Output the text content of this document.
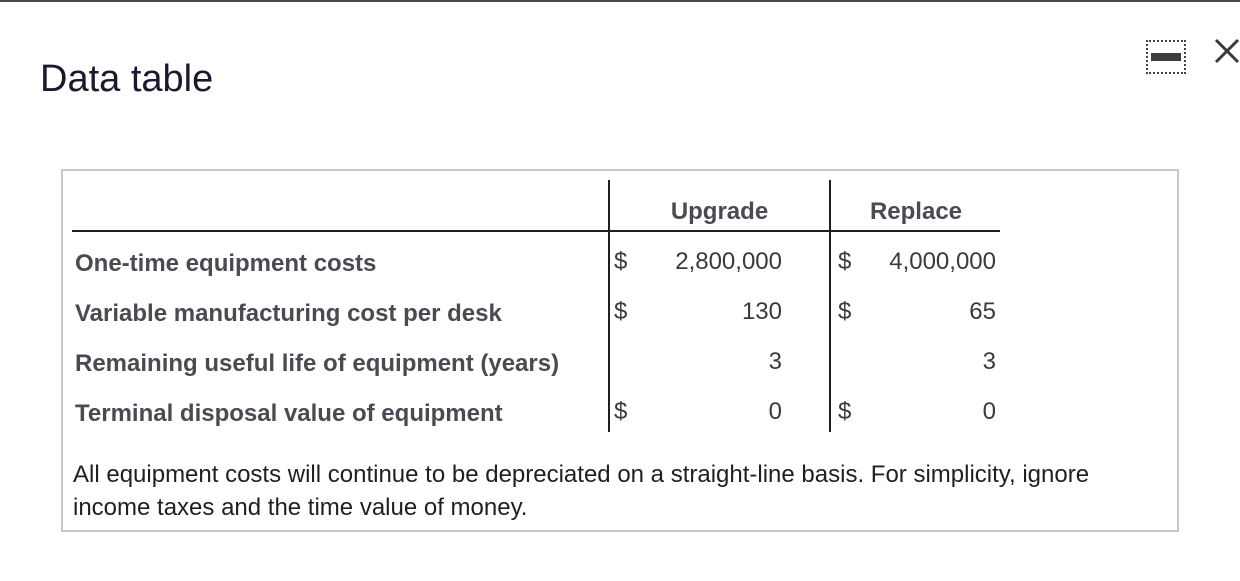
Data table
Upgrade	Replace
One-time equipment costs	$	2,800,000 $	4,000,000
Variable manufacturing cost per desk	$	130 $	65
Remaining useful life of equipment (years)	3	3
Terminal disposal value of equipment	$	0 $	0
All equipment costs will continue to be depreciated on a straight-line basis. For simplicity, ignore income taxes and the time value of money.
